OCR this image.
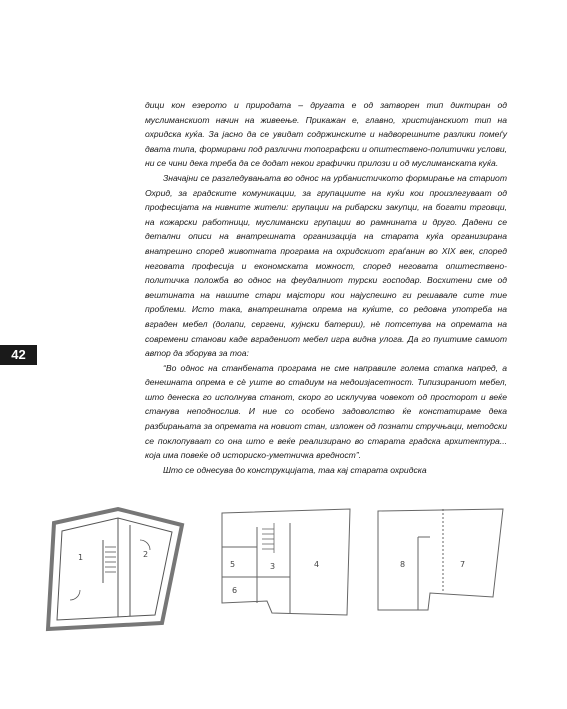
42

дици кон езерото и природата – другата е од затворен тип диктиран од муслиманскиот начин на живеење. Прикажан е, главно, христијанскиот тип на охридска куќа. За јасно да се увидат содржинските и надворешните разлики помеѓу двата типа, формирани под различни топографски и општествено-политички услови, ни се чини дека треба да се додат некои графички прилози и од муслиманската куќа.

Значајни се разгледувањата во однос на урбанистичкото формирање на стариот Охрид, за градските комуникации, за групациите на куќи кои произлегуваат од професијата на нивните жители: групации на рибарски закупци, на богати трговци, на кожарски работници, муслимански групации во рамнината и друго. Дадени се детални описи на внатрешната организација на старата куќа организирана внатрешно според животната програма на охридскиот граѓанин во XIX век, според неговата професија и економската можност, според неговата општествено-политичка положба во однос на феудалниот турски господар. Восхитени сме од вештината на нашите стари мајстори кои најуспешно ги решавале сите тие проблеми. Исто така, внатрешната опрема на куќите, со редовна употреба на вграден мебел (долапи, сергени, кујнски батерии), нè потсетува на опремата на современи станови каде вградениот мебел игра видна улога. Да го пуштиме самиот автор да зборува за тоа:

“Во однос на станбената програма не сме направиле голема стапка напред, а денешната опрема е сè уште во стадиум на недоизјасетност. Типизираниот мебел, што денеска го исполнува станот, скоро го исклучува човекот од просторот и веќе станува неподнослив. И ние со особено задоволство ќе констатираме дека разбирањата за опремата на новиот стан, изложен од познати стручњаци, методски се поклопуваат со она што е веќе реализирано во старата градска архитектура... која има повеќе од историско-уметничка вредност”.

Што се однесува до конструкцијата, таа кај старата охридска

1	2
5	3	4
6
8	7
